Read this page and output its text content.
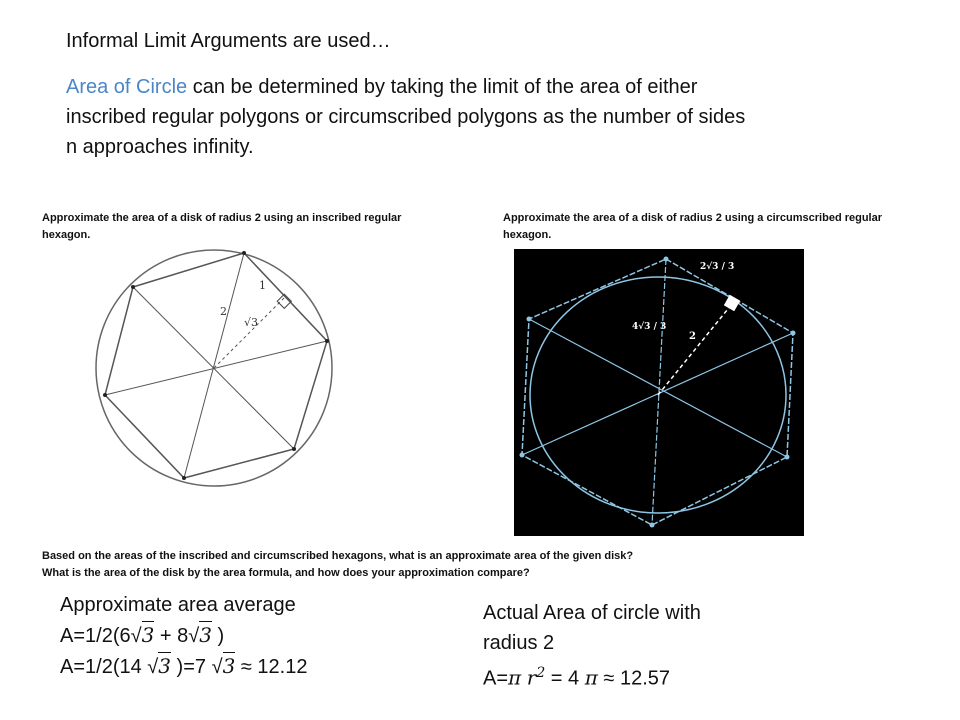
Informal Limit Arguments are used…
Area of Circle can be determined by taking the limit of the area of either inscribed regular polygons or circumscribed polygons as the number of sides n approaches infinity.
Approximate the area of a disk of radius 2 using an inscribed regular hexagon.
Approximate the area of a disk of radius 2 using a circumscribed regular hexagon.
2
1
√3
2√3 / 3
4√3 / 3
2
Based on the areas of the inscribed and circumscribed hexagons, what is an approximate area of the given disk?
What is the area of the disk by the area formula, and how does your approximation compare?
Approximate area average
A=1/2(6√3 + 8√3 )
A=1/2(14 √3 )=7 √3 ≈ 12.12
Actual Area of circle with radius 2
A=π $r^2 = 4$ π ≈ 12.57
